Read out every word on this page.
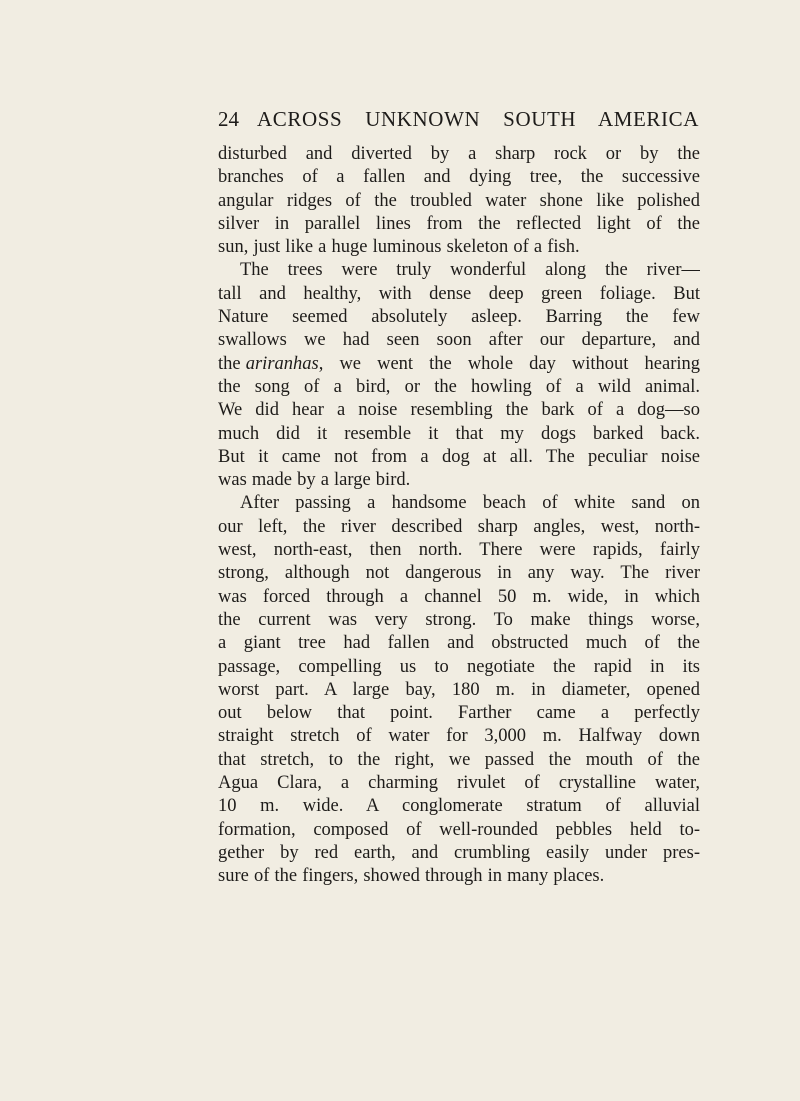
24 ACROSS UNKNOWN SOUTH AMERICA
disturbed and diverted by a sharp rock or by the
branches of a fallen and dying tree, the successive
angular ridges of the troubled water shone like polished
silver in parallel lines from the reflected light of the
sun, just like a huge luminous skeleton of a fish.
The trees were truly wonderful along the river—
tall and healthy, with dense deep green foliage. But
Nature seemed absolutely asleep. Barring the few
swallows we had seen soon after our departure, and
the ariranhas , we went the whole day without hearing
the song of a bird, or the howling of a wild animal.
We did hear a noise resembling the bark of a dog—so
much did it resemble it that my dogs barked back.
But it came not from a dog at all. The peculiar noise
was made by a large bird.
After passing a handsome beach of white sand on
our left, the river described sharp angles, west, north-
west, north-east, then north. There were rapids, fairly
strong, although not dangerous in any way. The river
was forced through a channel 50 m. wide, in which
the current was very strong. To make things worse,
a giant tree had fallen and obstructed much of the
passage, compelling us to negotiate the rapid in its
worst part. A large bay, 180 m. in diameter, opened
out below that point. Farther came a perfectly
straight stretch of water for 3,000 m. Halfway down
that stretch, to the right, we passed the mouth of the
Agua Clara, a charming rivulet of crystalline water,
10 m. wide. A conglomerate stratum of alluvial
formation, composed of well-rounded pebbles held to-
gether by red earth, and crumbling easily under pres-
sure of the fingers, showed through in many places.
